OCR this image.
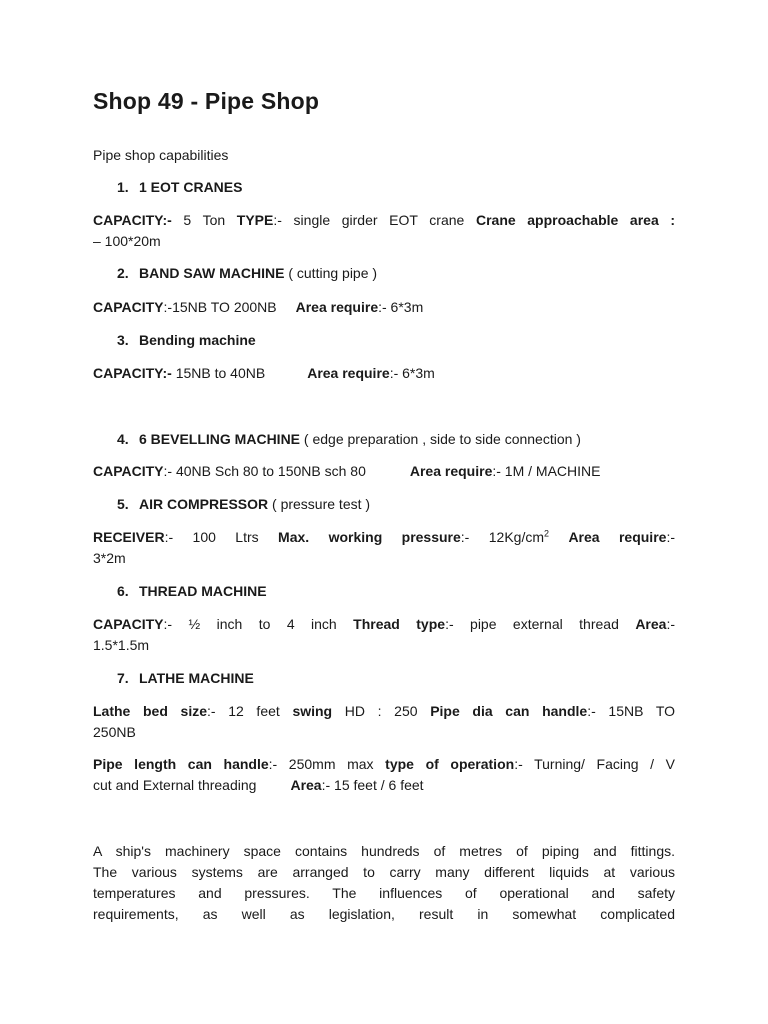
Shop 49 - Pipe Shop
Pipe shop capabilities
1. 1 EOT CRANES
CAPACITY:- 5 Ton TYPE:- single girder EOT crane Crane approachable area :
– 100*20m
2. BAND SAW MACHINE ( cutting pipe )
CAPACITY:-15NB TO 200NB Area require:- 6*3m
3. Bending machine
CAPACITY:- 15NB to 40NB	Area require:- 6*3m
4. 6 BEVELLING MACHINE ( edge preparation , side to side connection )
CAPACITY:- 40NB Sch 80 to 150NB sch 80	Area require:- 1M / MACHINE
5. AIR COMPRESSOR ( pressure test )
RECEIVER:- 100 Ltrs Max. working pressure:- $12Kg/cm^2$ Area require:-
3*2m
6. THREAD MACHINE
CAPACITY:- ½ inch to 4 inch Thread type:- pipe external thread Area:-
1.5*1.5m
7. LATHE MACHINE
Lathe bed size:- 12 feet swing HD : 250 Pipe dia can handle:- 15NB TO
250NB
Pipe length can handle:- 250mm max type of operation:- Turning/ Facing / V
cut and External threading Area:- 15 feet / 6 feet
A ship's machinery space contains hundreds of metres of piping and fittings.
The various systems are arranged to carry many different liquids at various
temperatures and pressures. The influences of operational and safety
requirements, as well as legislation, result in somewhat complicated
